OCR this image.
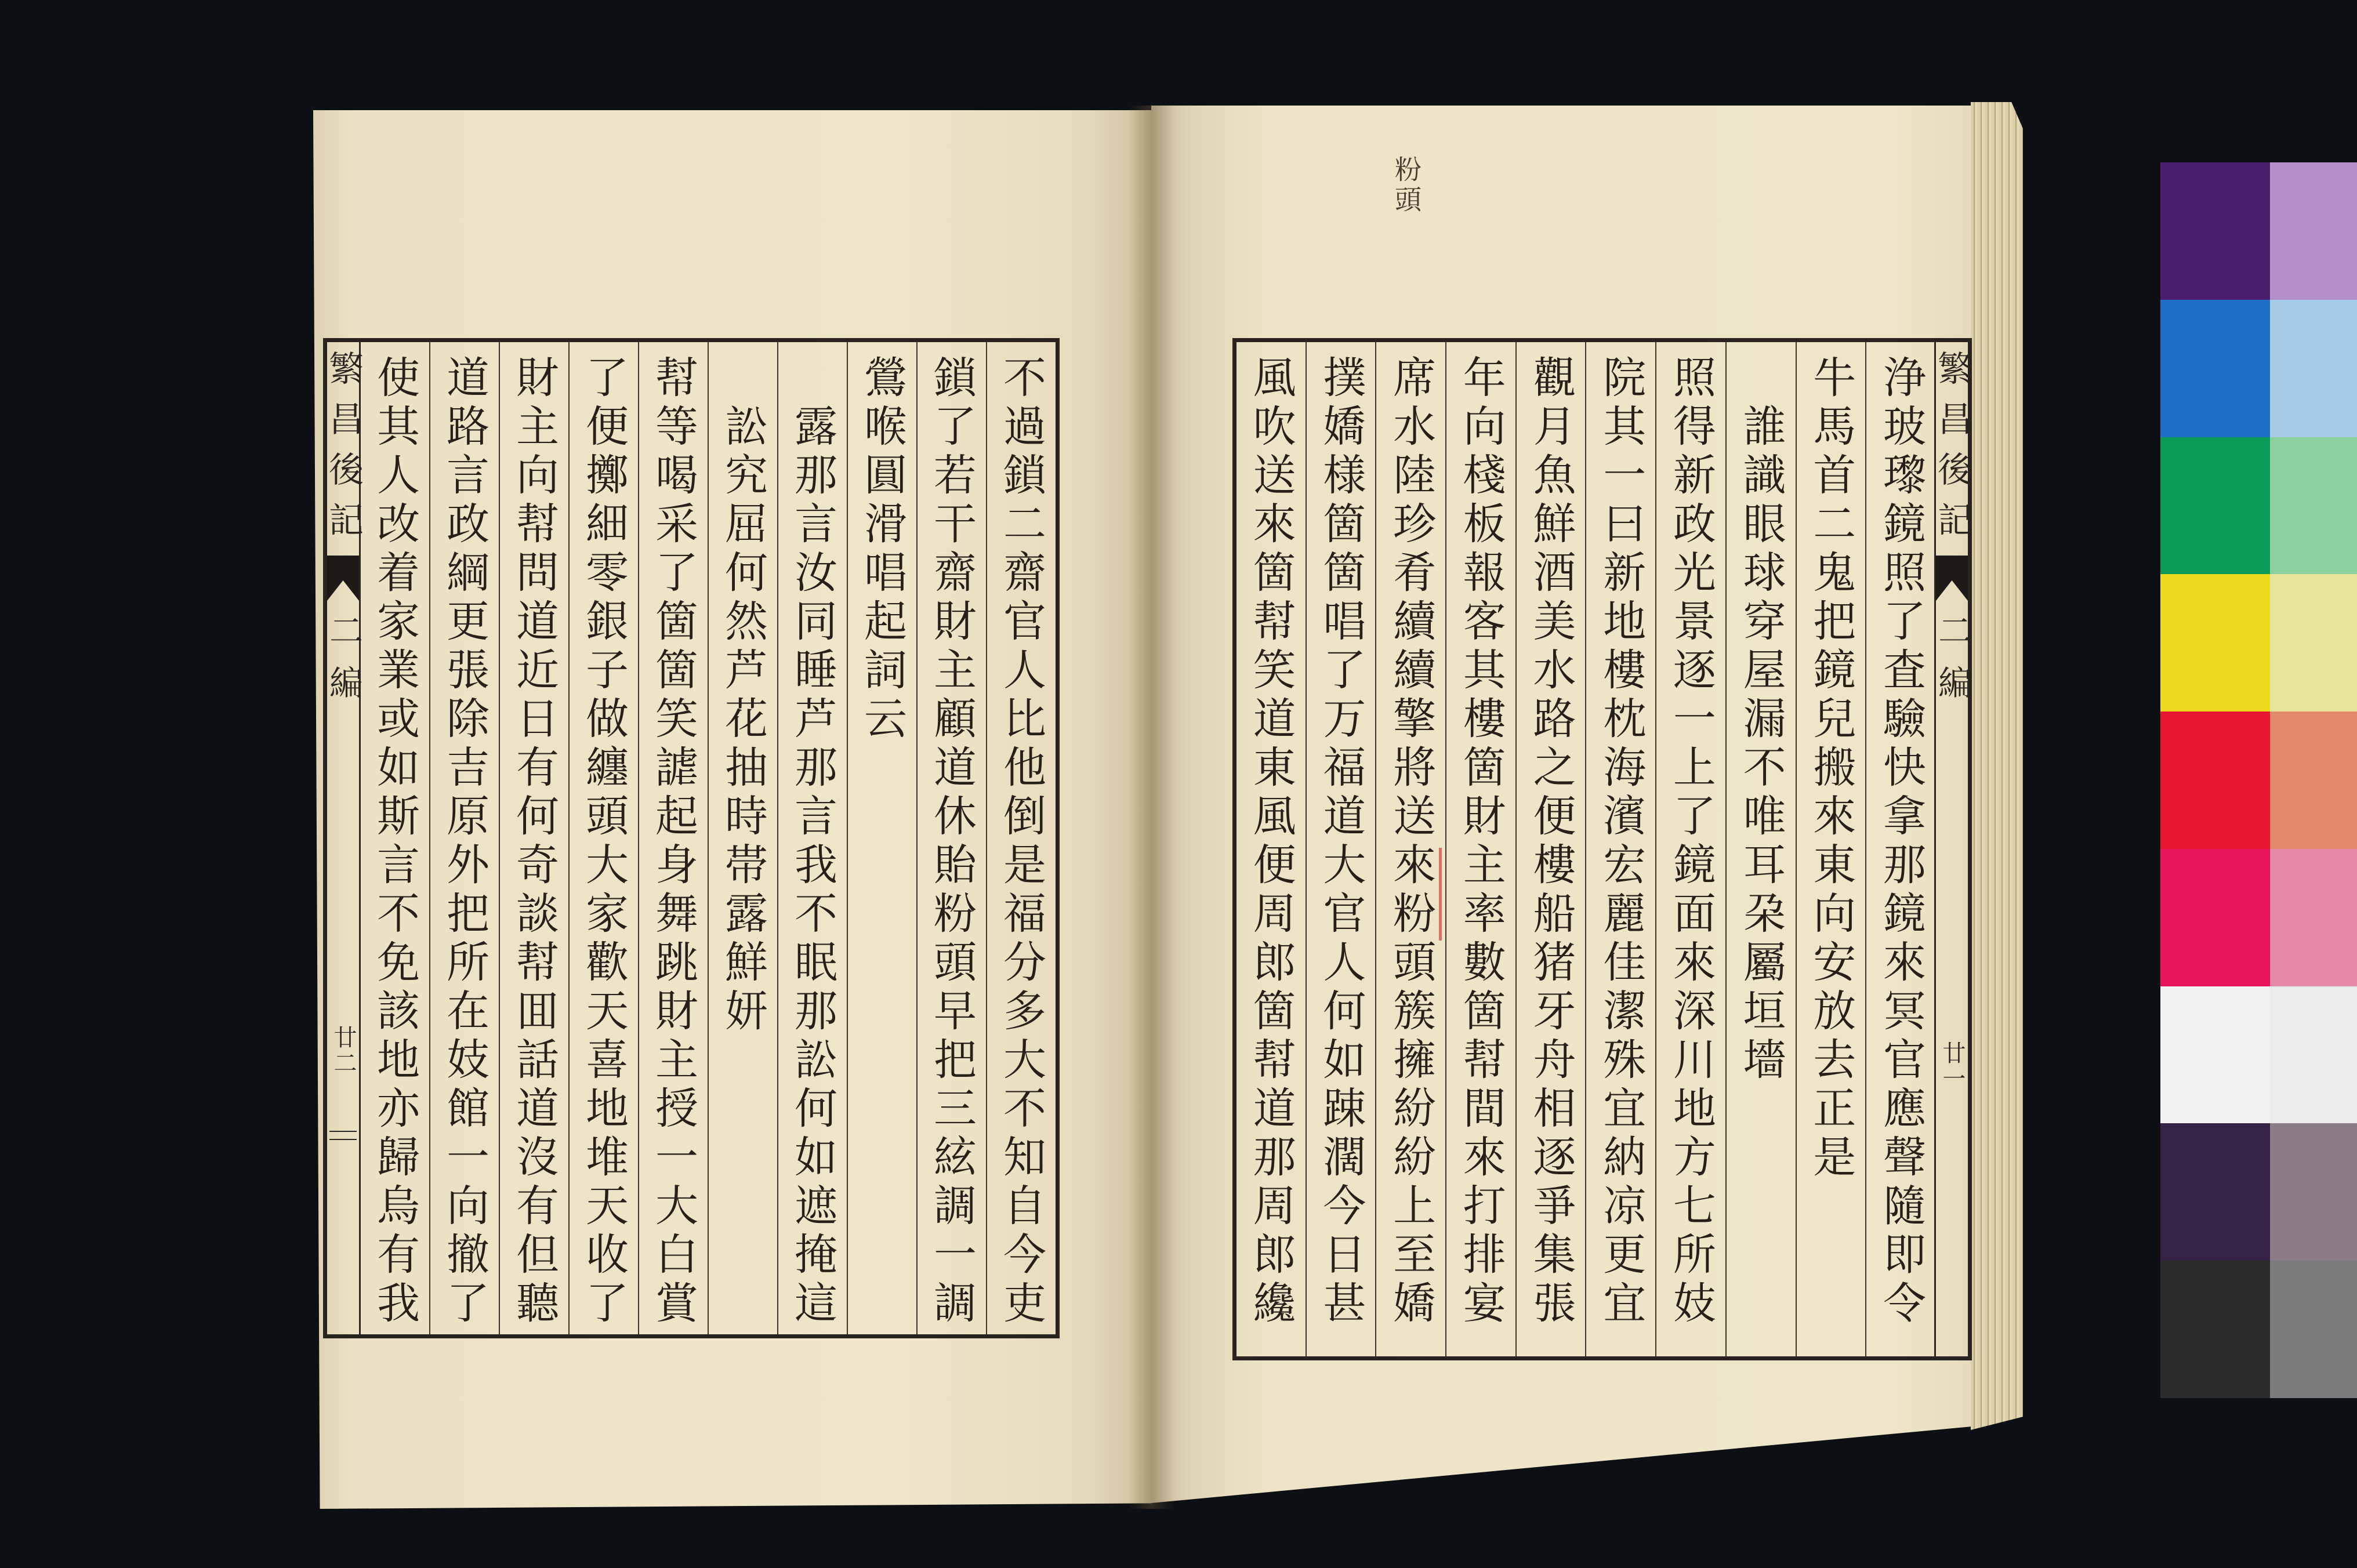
繁昌後記
二編
廿二	不過鎖二齋官人比他倒是福分多大不知自今吏
鎖了若干齋財主顧道休貽粉頭早把三絃調一調
鶯喉圓滑唱起詞云
露那言汝同睡芦那言我不眠那訟何如遮掩這
訟究屈何然芦花抽時帯露鮮妍
幇等喝采了箇箇笑謔起身舞跳財主授一大白賞
了便擲細零銀子做纏頭大家歡天喜地堆天收了
財主向幇問道近日有何奇談幇囬話道沒有但聽
道路言政綱更張除吉原外把所在妓館一向撤了
使其人改着家業或如斯言不免該地亦歸烏有我	繁昌後記
二編
廿一
浄玻瓈鏡照了査驗快拿那鏡來冥官應聲隨即令
牛馬首二鬼把鏡兒搬來東向安放去正是
誰識眼球穿屋漏不唯耳朶屬垣墻
照得新政光景逐一上了鏡面來深川地方七所妓
院其一曰新地樓枕海濱宏麗佳潔殊宜納凉更宜
觀月魚鮮酒美水路之便樓船猪牙舟相逐爭集張
年向棧板報客其樓箇財主率數箇幇間來打排宴
席水陸珍肴續續擎將送來粉頭簇擁紛紛上至嬌
撲嬌様箇箇唱了万福道大官人何如踈濶今日甚
風吹送來箇幇笑道東風便周郎箇幇道那周郎纔
粉頭
